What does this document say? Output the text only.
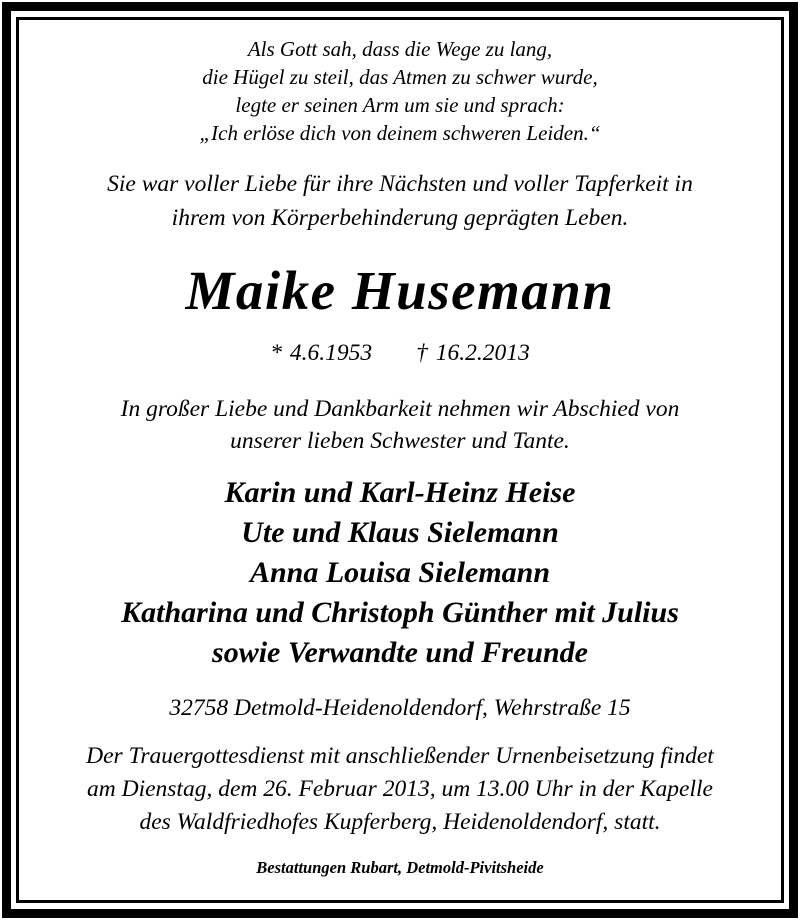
Als Gott sah, dass die Wege zu lang,
die Hügel zu steil, das Atmen zu schwer wurde,
legte er seinen Arm um sie und sprach:
„Ich erlöse dich von deinem schweren Leiden.“
Sie war voller Liebe für ihre Nächsten und voller Tapferkeit in
ihrem von Körperbehinderung geprägten Leben.
Maike Husemann
* 4.6.1953 † 16.2.2013
In großer Liebe und Dankbarkeit nehmen wir Abschied von
unserer lieben Schwester und Tante.
Karin und Karl-Heinz Heise
Ute und Klaus Sielemann
Anna Louisa Sielemann
Katharina und Christoph Günther mit Julius
sowie Verwandte und Freunde
32758 Detmold-Heidenoldendorf, Wehrstraße 15
Der Trauergottesdienst mit anschließender Urnenbeisetzung findet
am Dienstag, dem 26. Februar 2013, um 13.00 Uhr in der Kapelle
des Waldfriedhofes Kupferberg, Heidenoldendorf, statt.
Bestattungen Rubart, Detmold-Pivitsheide
